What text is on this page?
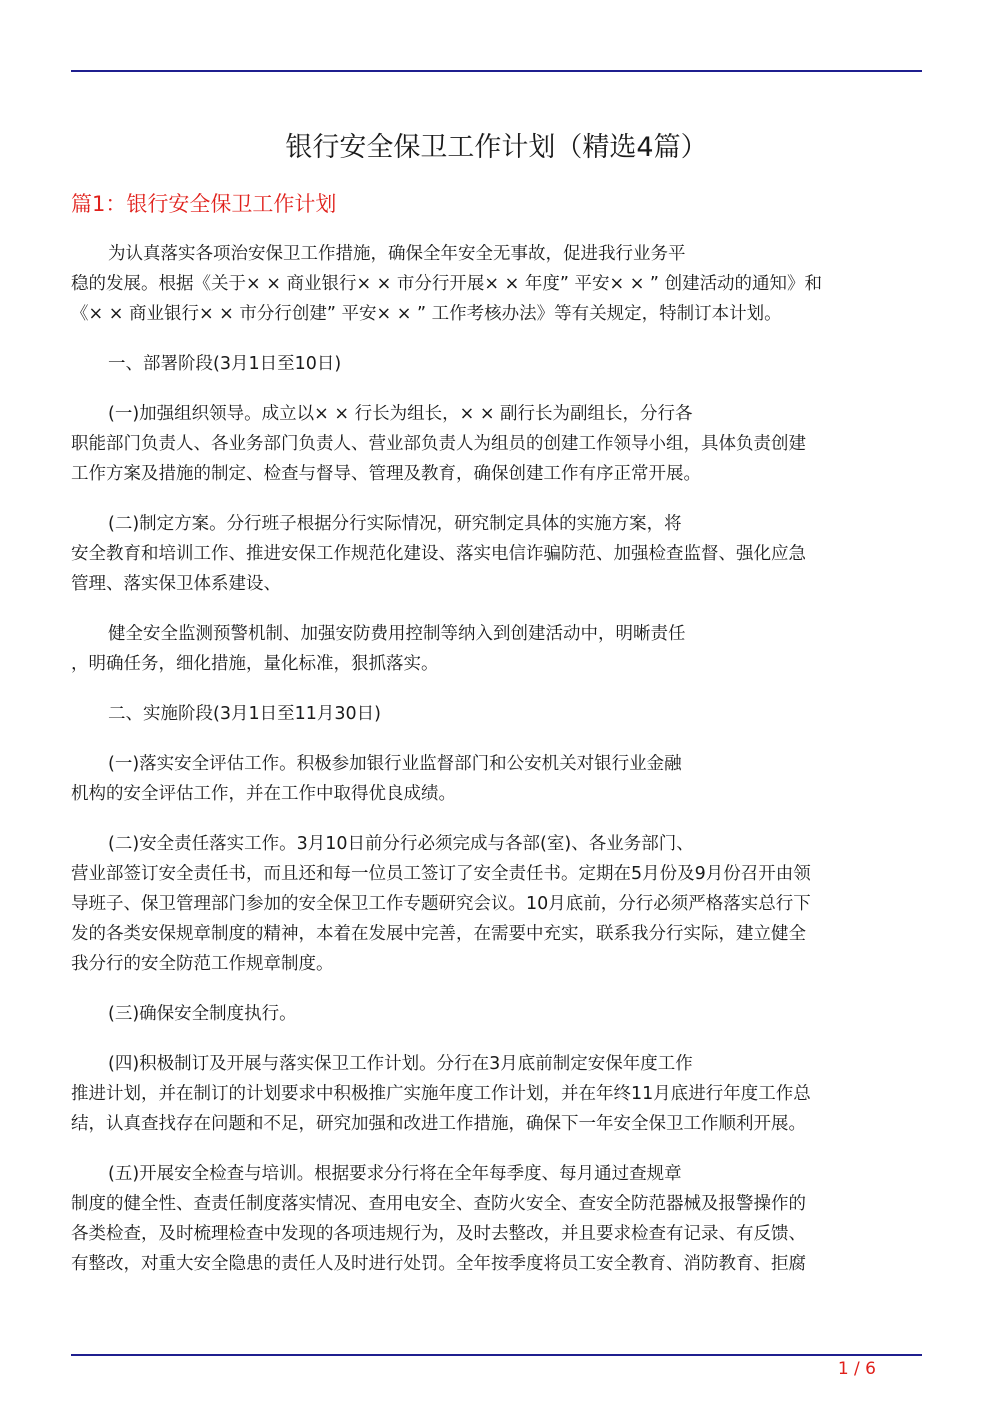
银行安全保卫工作计划（精选4篇）
篇1：银行安全保卫工作计划
为认真落实各项治安保卫工作措施，确保全年安全无事故，促进我行业务平
稳的发展。根据《关于× × 商业银行× × 市分行开展× × 年度” 平安× × ” 创建活动的通知》和
《× × 商业银行× × 市分行创建” 平安× × ” 工作考核办法》等有关规定，特制订本计划。
一、部署阶段(3月1日至10日)
(一)加强组织领导。成立以× × 行长为组长，× × 副行长为副组长，分行各
职能部门负责人、各业务部门负责人、营业部负责人为组员的创建工作领导小组，具体负责创建
工作方案及措施的制定、检查与督导、管理及教育，确保创建工作有序正常开展。
(二)制定方案。分行班子根据分行实际情况，研究制定具体的实施方案，将
安全教育和培训工作、推进安保工作规范化建设、落实电信诈骗防范、加强检查监督、强化应急
管理、落实保卫体系建设、
健全安全监测预警机制、加强安防费用控制等纳入到创建活动中，明晰责任
，明确任务，细化措施，量化标准，狠抓落实。
二、实施阶段(3月1日至11月30日)
(一)落实安全评估工作。积极参加银行业监督部门和公安机关对银行业金融
机构的安全评估工作，并在工作中取得优良成绩。
(二)安全责任落实工作。3月10日前分行必须完成与各部(室)、各业务部门、
营业部签订安全责任书，而且还和每一位员工签订了安全责任书。定期在5月份及9月份召开由领
导班子、保卫管理部门参加的安全保卫工作专题研究会议。10月底前，分行必须严格落实总行下
发的各类安保规章制度的精神，本着在发展中完善，在需要中充实，联系我分行实际，建立健全
我分行的安全防范工作规章制度。
(三)确保安全制度执行。
(四)积极制订及开展与落实保卫工作计划。分行在3月底前制定安保年度工作
推进计划，并在制订的计划要求中积极推广实施年度工作计划，并在年终11月底进行年度工作总
结，认真查找存在问题和不足，研究加强和改进工作措施，确保下一年安全保卫工作顺利开展。
(五)开展安全检查与培训。根据要求分行将在全年每季度、每月通过查规章
制度的健全性、查责任制度落实情况、查用电安全、查防火安全、查安全防范器械及报警操作的
各类检查，及时梳理检查中发现的各项违规行为，及时去整改，并且要求检查有记录、有反馈、
有整改，对重大安全隐患的责任人及时进行处罚。全年按季度将员工安全教育、消防教育、拒腐
1 / 6
